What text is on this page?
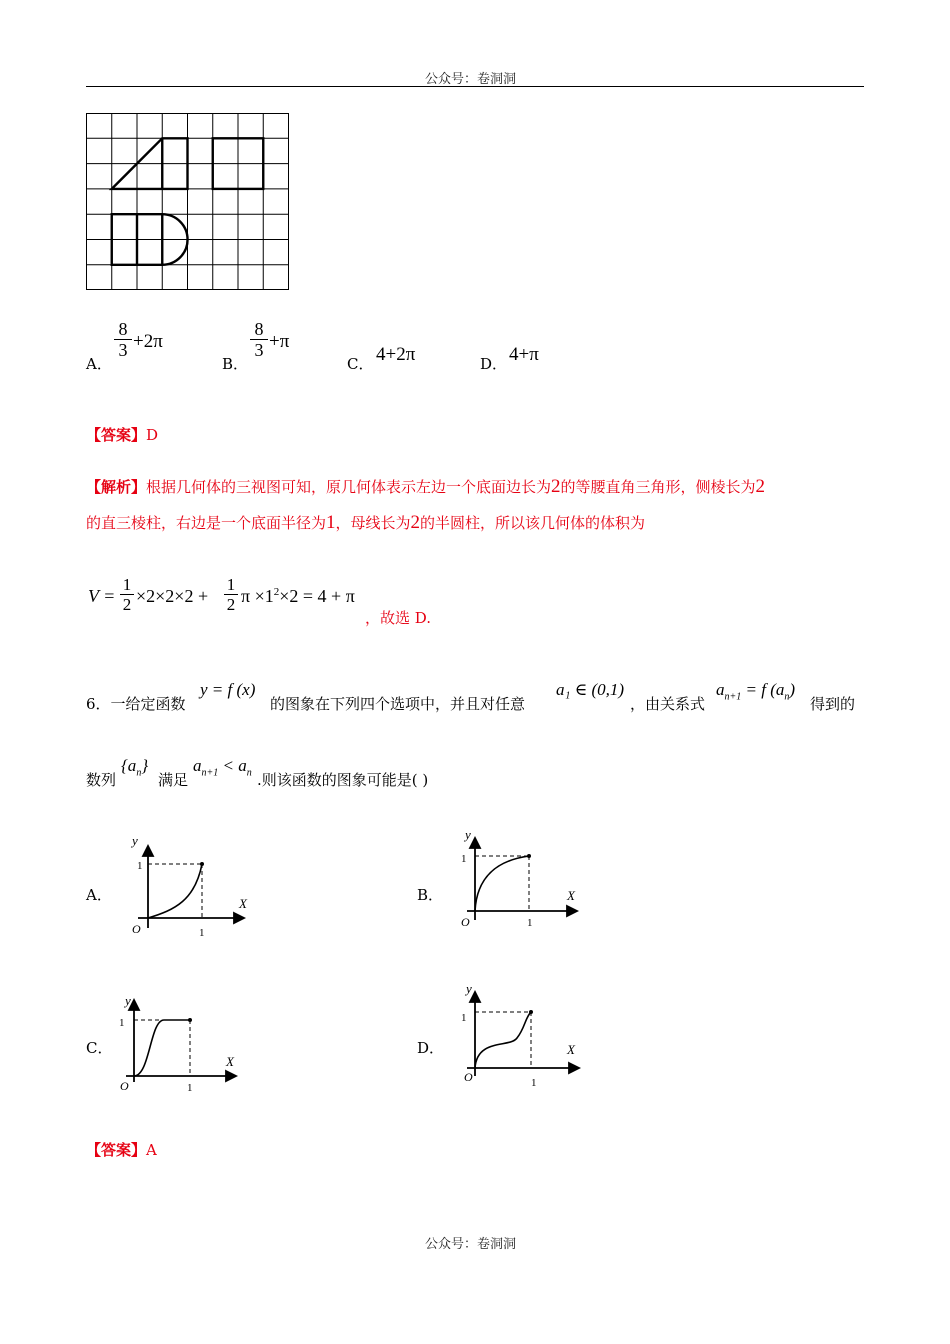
公众号：卷洞洞
A．
$\frac{8}{3} +2\pi$
B．
$\frac{8}{3} +\pi$
C． 4+2π	D． 4+π
【答案】D
【解析】根据几何体的三视图可知，原几何体表示左边一个底面边长为2的等腰直角三角形，侧棱长为2
的直三棱柱，右边是一个底面半径为1，母线长为2的半圆柱，所以该几何体的体积为
$V = \frac{1}{2} \times 2\times 2\times 2 + \frac{1}{2}$ $\pi \times 1^2\times 2 = 4 + \pi$
，故选 D.
6．一给定函数
y = f (x)
的图象在下列四个选项中，并且对任意
a₁ ∈ (0,1)
，由关系式
$a_{n+1} = f$ $(a_n)$
得到的
数列
$\{a_n\}$
满足
$a_{n+1} < a_n$ .则该函数的图象可能是( )
A．	B．
C．	D．
y
1
O	1
X
y
1
O	1
X
y
1
O	1
X
y
1
O	1
X
【答案】A
公众号：卷洞洞
